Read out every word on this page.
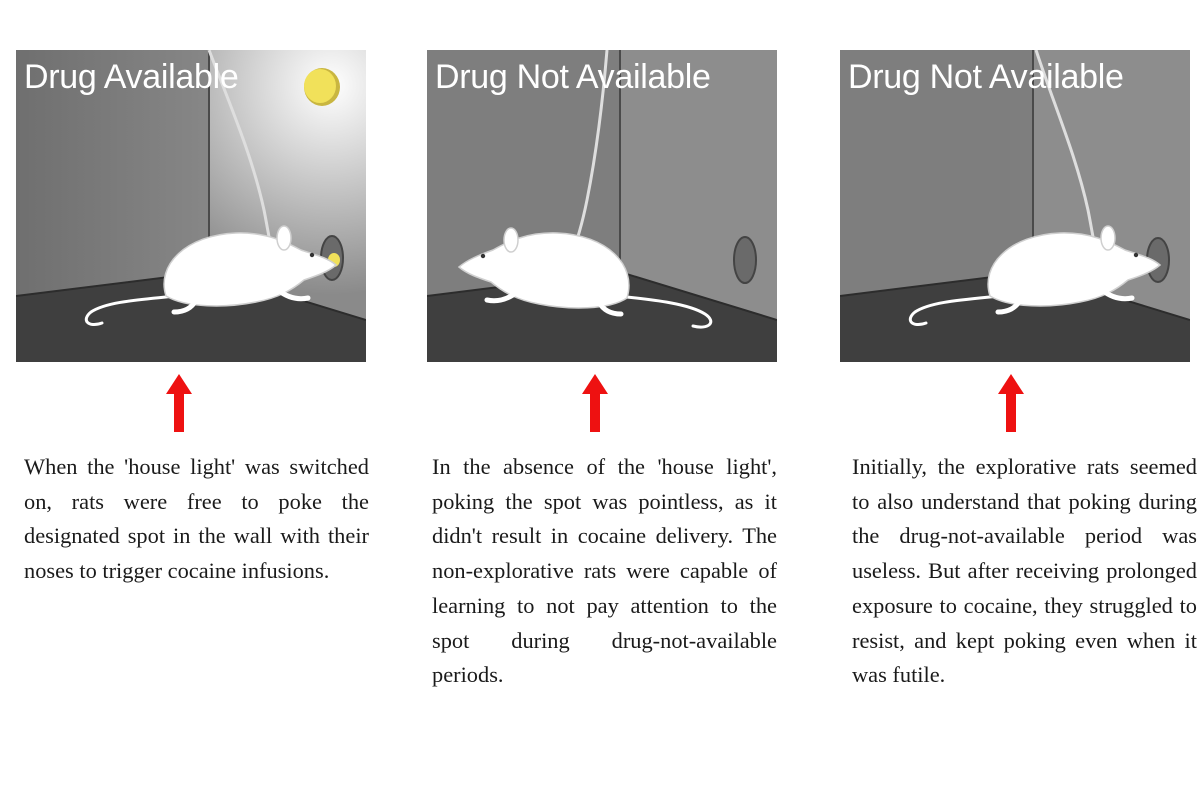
Drug Available	Drug Not Available	Drug Not Available
When the 'house light' was switched on, rats were free to poke the designated spot in the wall with their noses to trigger cocaine infusions.
In the absence of the 'house light', poking the spot was pointless, as it didn't result in cocaine delivery. The non-explorative rats were capable of learning to not pay attention to the spot during drug-not-available periods.
Initially, the explorative rats seemed to also understand that poking during the drug-not-available period was useless. But after receiving prolonged exposure to cocaine, they struggled to resist, and kept poking even when it was futile.
